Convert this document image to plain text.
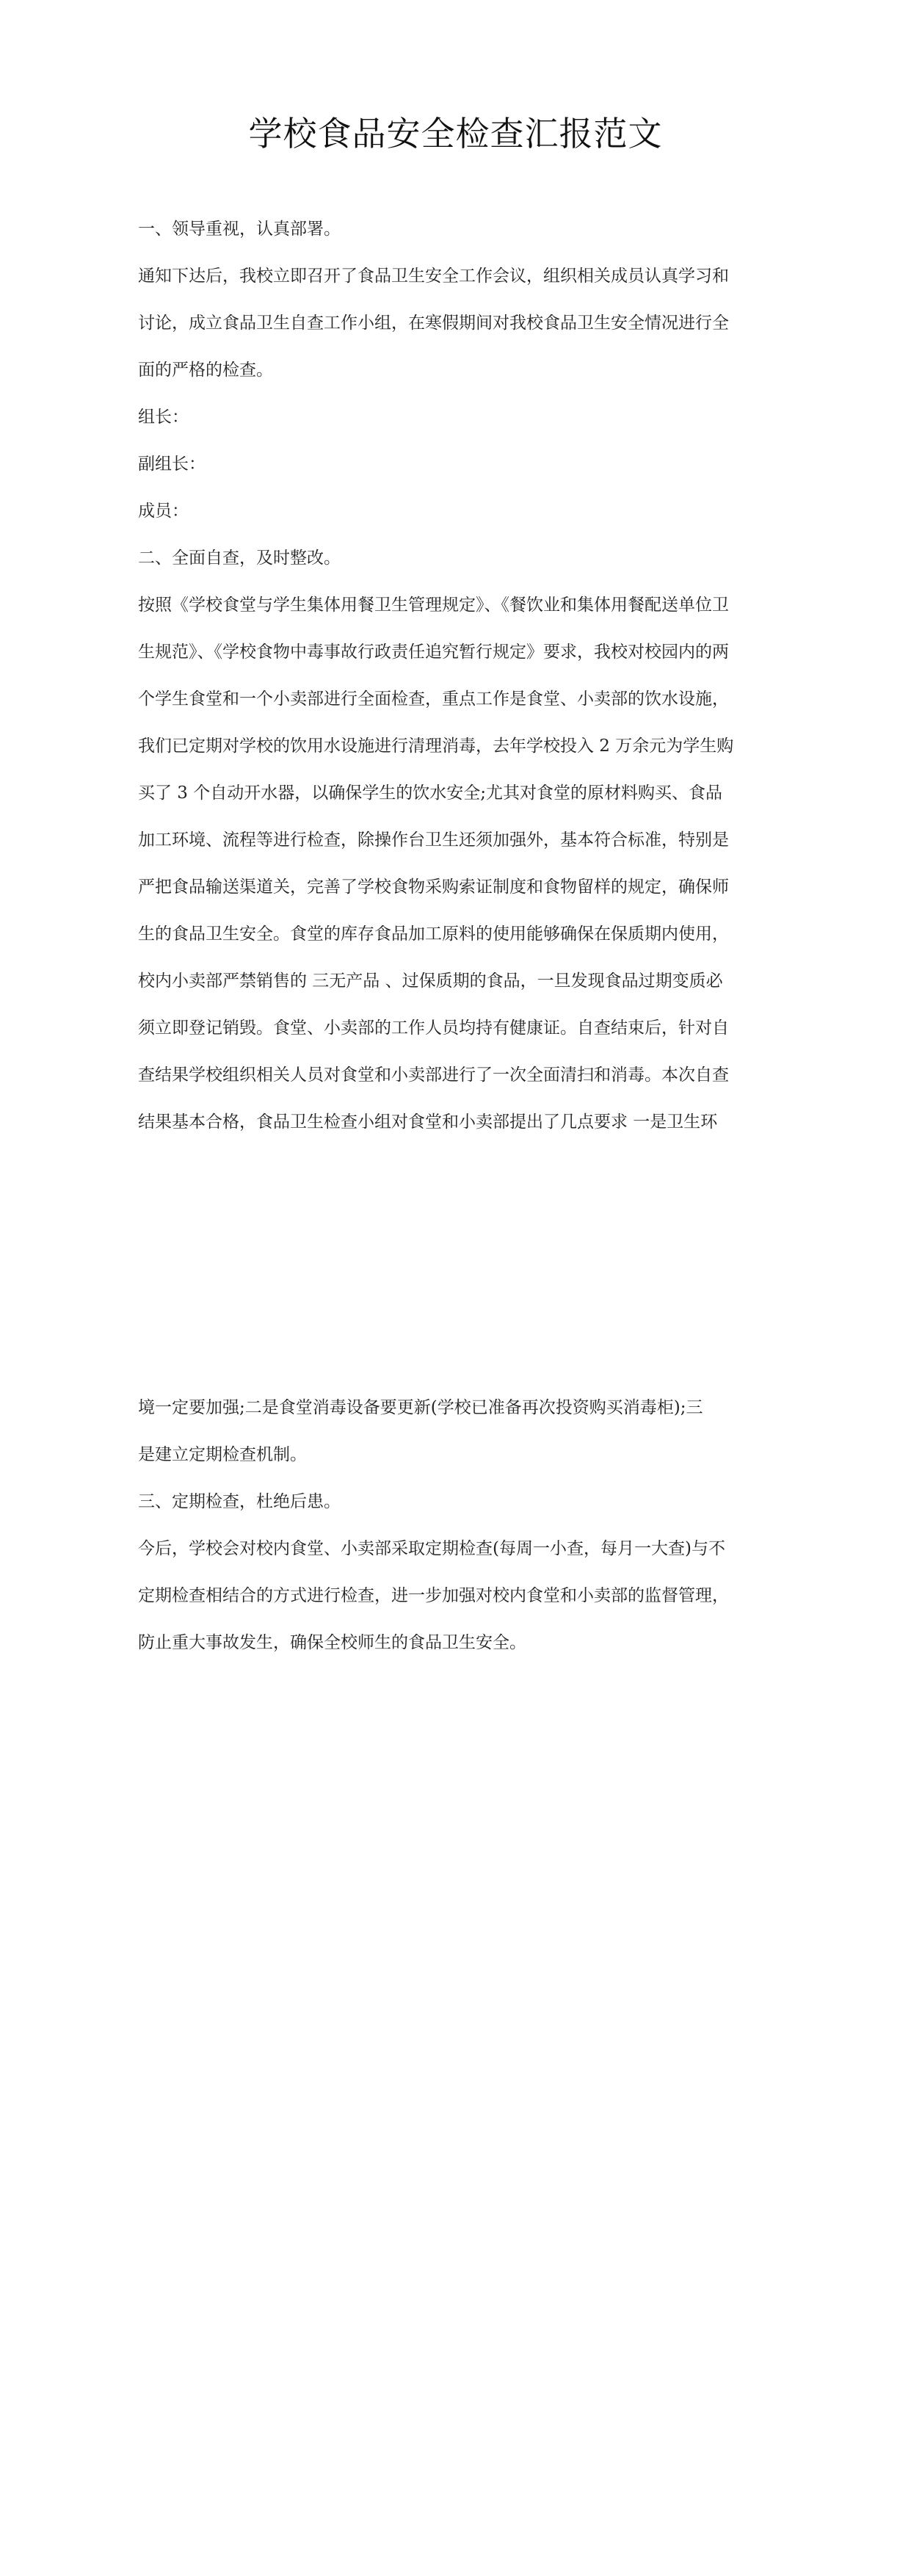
学校食品安全检查汇报范文

一、领导重视，认真部署。

通知下达后，我校立即召开了食品卫生安全工作会议，组织相关成员认真学习和

讨论，成立食品卫生自查工作小组，在寒假期间对我校食品卫生安全情况进行全

面的严格的检查。

组长：

副组长：

成员：

二、全面自查，及时整改。

按照《学校食堂与学生集体用餐卫生管理规定》、《餐饮业和集体用餐配送单位卫

生规范》、《学校食物中毒事故行政责任追究暂行规定》要求，我校对校园内的两

个学生食堂和一个小卖部进行全面检查，重点工作是食堂、小卖部的饮水设施，

我们已定期对学校的饮用水设施进行清理消毒，去年学校投入 2 万余元为学生购

买了 3 个自动开水器，以确保学生的饮水安全;尤其对食堂的原材料购买、食品

加工环境、流程等进行检查，除操作台卫生还须加强外，基本符合标准，特别是

严把食品输送渠道关，完善了学校食物采购索证制度和食物留样的规定，确保师

生的食品卫生安全。食堂的库存食品加工原料的使用能够确保在保质期内使用，

校内小卖部严禁销售的 三无产品 、过保质期的食品，一旦发现食品过期变质必

须立即登记销毁。食堂、小卖部的工作人员均持有健康证。自查结束后，针对自

查结果学校组织相关人员对食堂和小卖部进行了一次全面清扫和消毒。本次自查

结果基本合格，食品卫生检查小组对食堂和小卖部提出了几点要求 一是卫生环

境一定要加强;二是食堂消毒设备要更新(学校已准备再次投资购买消毒柜);三

是建立定期检查机制。

三、定期检查，杜绝后患。

今后，学校会对校内食堂、小卖部采取定期检查(每周一小查，每月一大查)与不

定期检查相结合的方式进行检查，进一步加强对校内食堂和小卖部的监督管理，

防止重大事故发生，确保全校师生的食品卫生安全。
